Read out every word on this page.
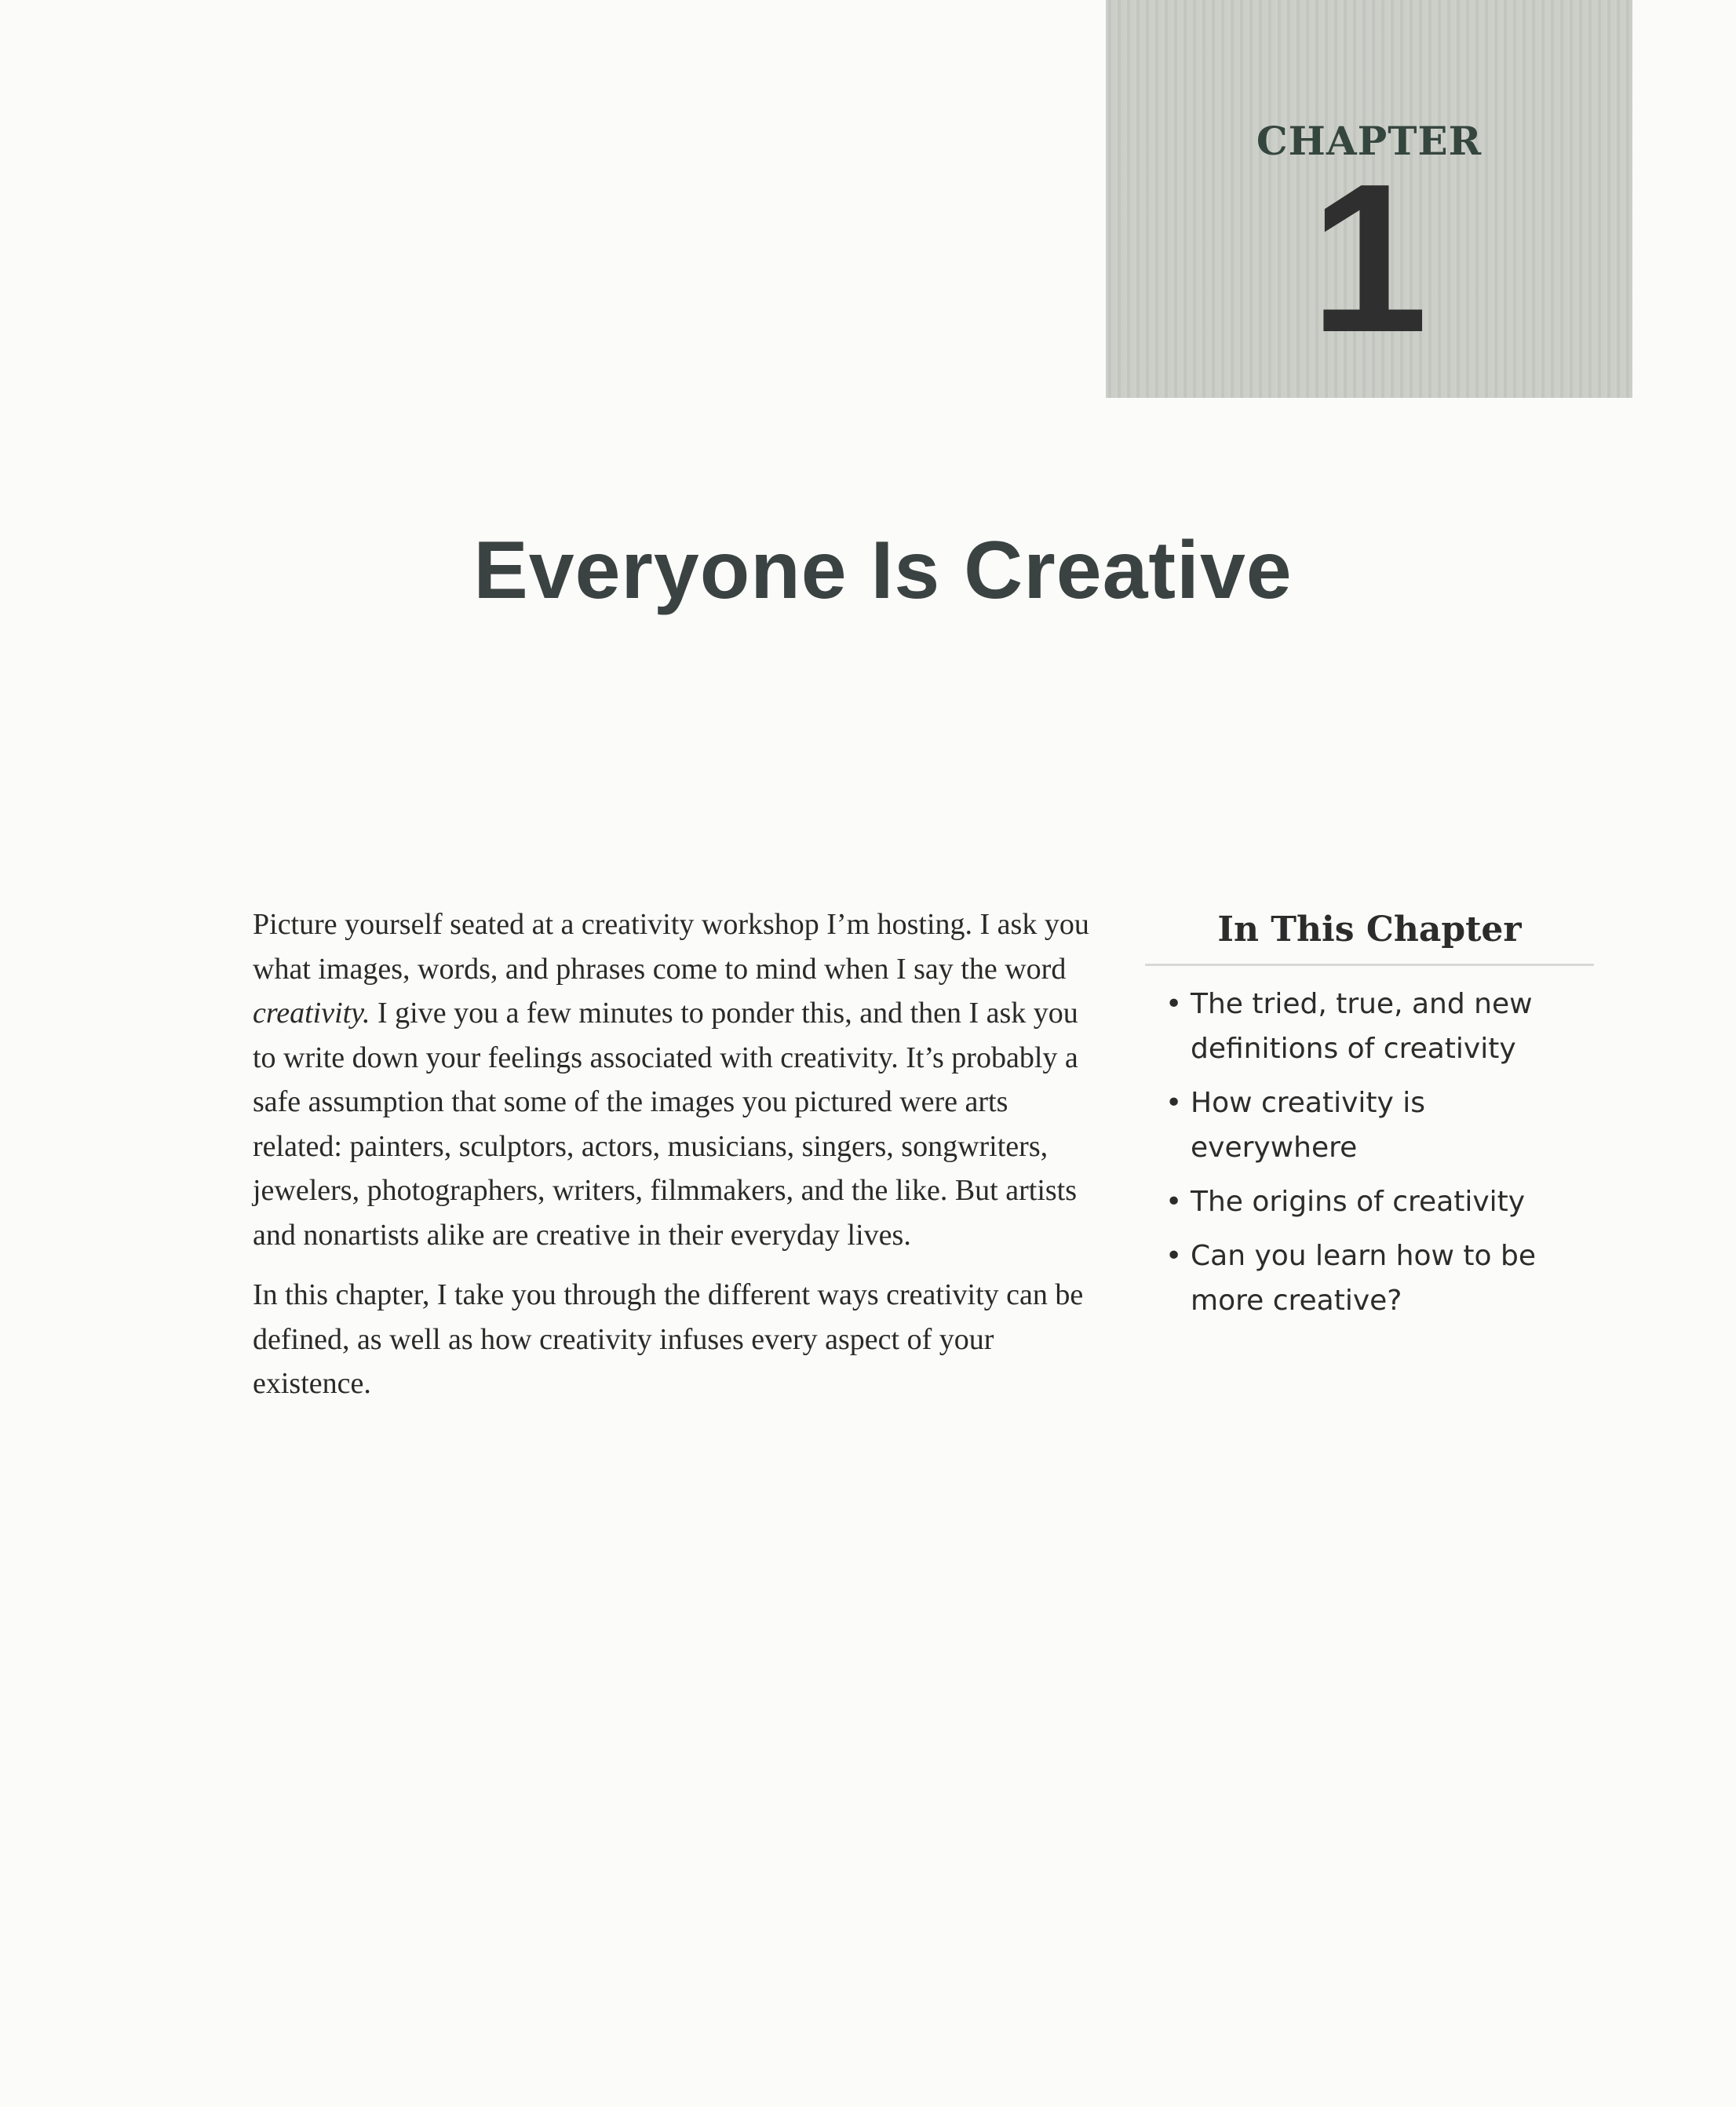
CHAPTER
1
Everyone Is Creative

Picture yourself seated at a creativity workshop I’m hosting. I ask you what images, words, and phrases come to mind when I say the word creativity. I give you a few minutes to ponder this, and then I ask you to write down your feelings associated with creativity. It’s probably a safe assumption that some of the images you pictured were arts related: painters, sculptors, actors, musicians, singers, songwriters, jewelers, photographers, writers, filmmakers, and the like. But artists and nonartists alike are creative in their everyday lives.

In this chapter, I take you through the different ways creativity can be defined, as well as how creativity infuses every aspect of your existence.

In This Chapter
• The tried, true, and new definitions of creativity
• How creativity is everywhere
• The origins of creativity
• Can you learn how to be more creative?
